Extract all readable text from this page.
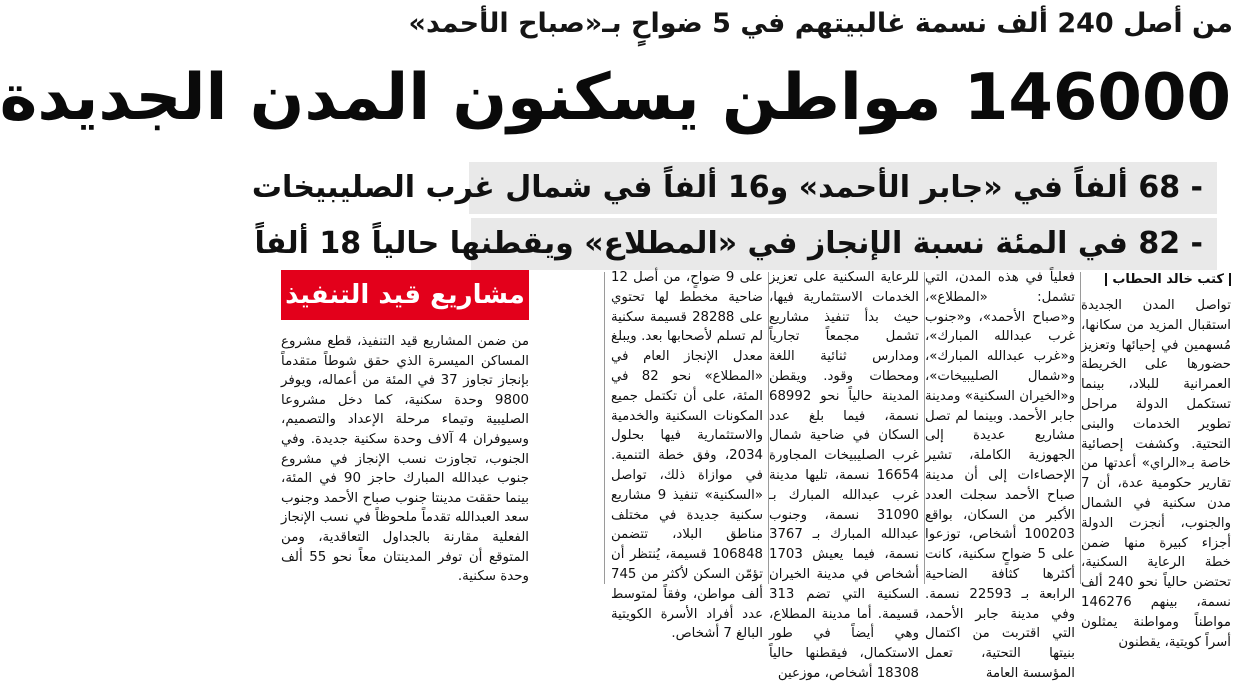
من أصل 240 ألف نسمة غالبيتهم في 5 ضواحٍ بـ«صباح الأحمد»
146000 مواطن يسكنون المدن الجديدة
- 68 ألفاً في «جابر الأحمد» و16 ألفاً في شمال غرب الصليبيخات
- 82 في المئة نسبة الإنجاز في «المطلاع» ويقطنها حالياً 18 ألفاً
كتب خالد الحطاب

تواصل المدن الجديدة استقبال المزيد من سكانها، مُسهمين في إحيائها وتعزيز حضورها على الخريطة العمرانية للبلاد، بينما تستكمل الدولة مراحل تطوير الخدمات والبنى التحتية. وكشفت إحصائية خاصة بـ«الراي» أعدتها من تقارير حكومية عدة، أن 7 مدن سكنية في الشمال والجنوب، أنجزت الدولة أجزاء كبيرة منها ضمن خطة الرعاية السكنية، تحتضن حالياً نحو 240 ألف نسمة، بينهم 146276 مواطناً ومواطنة يمثلون أسراً كويتية، يقطنون

فعلياً في هذه المدن، التي تشمل: «المطلاع»، و«صباح الأحمد»، و«جنوب غرب عبدالله المبارك»، و«غرب عبدالله المبارك»، و«شمال الصليبيخات»، و«الخيران السكنية» ومدينة جابر الأحمد. وبينما لم تصل مشاريع عديدة إلى الجهوزية الكاملة، تشير الإحصاءات إلى أن مدينة صباح الأحمد سجلت العدد الأكبر من السكان، بواقع 100203 أشخاص، توزعوا على 5 ضواحٍ سكنية، كانت أكثرها كثافة الضاحية الرابعة بـ 22593 نسمة. وفي مدينة جابر الأحمد، التي اقتربت من اكتمال بنيتها التحتية، تعمل المؤسسة العامة

للرعاية السكنية على تعزيز الخدمات الاستثمارية فيها، حيث بدأ تنفيذ مشاريع تشمل مجمعاً تجارياً ومدارس ثنائية اللغة ومحطات وقود. ويقطن المدينة حالياً نحو 68992 نسمة، فيما بلغ عدد السكان في ضاحية شمال غرب الصليبيخات المجاورة 16654 نسمة، تليها مدينة غرب عبدالله المبارك بـ 31090 نسمة، وجنوب عبدالله المبارك بـ 3767 نسمة، فيما يعيش 1703 أشخاص في مدينة الخيران السكنية التي تضم 313 قسيمة. أما مدينة المطلاع، وهي أيضاً في طور الاستكمال، فيقطنها حالياً 18308 أشخاص، موزعين

على 9 ضواحٍ، من أصل 12 ضاحية مخطط لها تحتوي على 28288 قسيمة سكنية لم تسلم لأصحابها بعد. ويبلغ معدل الإنجاز العام في «المطلاع» نحو 82 في المئة، على أن تكتمل جميع المكونات السكنية والخدمية والاستثمارية فيها بحلول 2034، وفق خطة التنمية. في موازاة ذلك، تواصل «السكنية» تنفيذ 9 مشاريع سكنية جديدة في مختلف مناطق البلاد، تتضمن 106848 قسيمة، يُنتظر أن تؤمّن السكن لأكثر من 745 ألف مواطن، وفقاً لمتوسط عدد أفراد الأسرة الكويتية البالغ 7 أشخاص.

مشاريع قيد التنفيذ
من ضمن المشاريع قيد التنفيذ، قطع مشروع المساكن الميسرة الذي حقق شوطاً متقدماً بإنجاز تجاوز 37 في المئة من أعماله، ويوفر 9800 وحدة سكنية، كما دخل مشروعا الصليبية وتيماء مرحلة الإعداد والتصميم، وسيوفران 4 آلاف وحدة سكنية جديدة. وفي الجنوب، تجاوزت نسب الإنجاز في مشروع جنوب عبدالله المبارك حاجز 90 في المئة، بينما حققت مدينتا جنوب صباح الأحمد وجنوب سعد العبدالله تقدماً ملحوظاً في نسب الإنجاز الفعلية مقارنة بالجداول التعاقدية، ومن المتوقع أن توفر المدينتان معاً نحو 55 ألف وحدة سكنية.
